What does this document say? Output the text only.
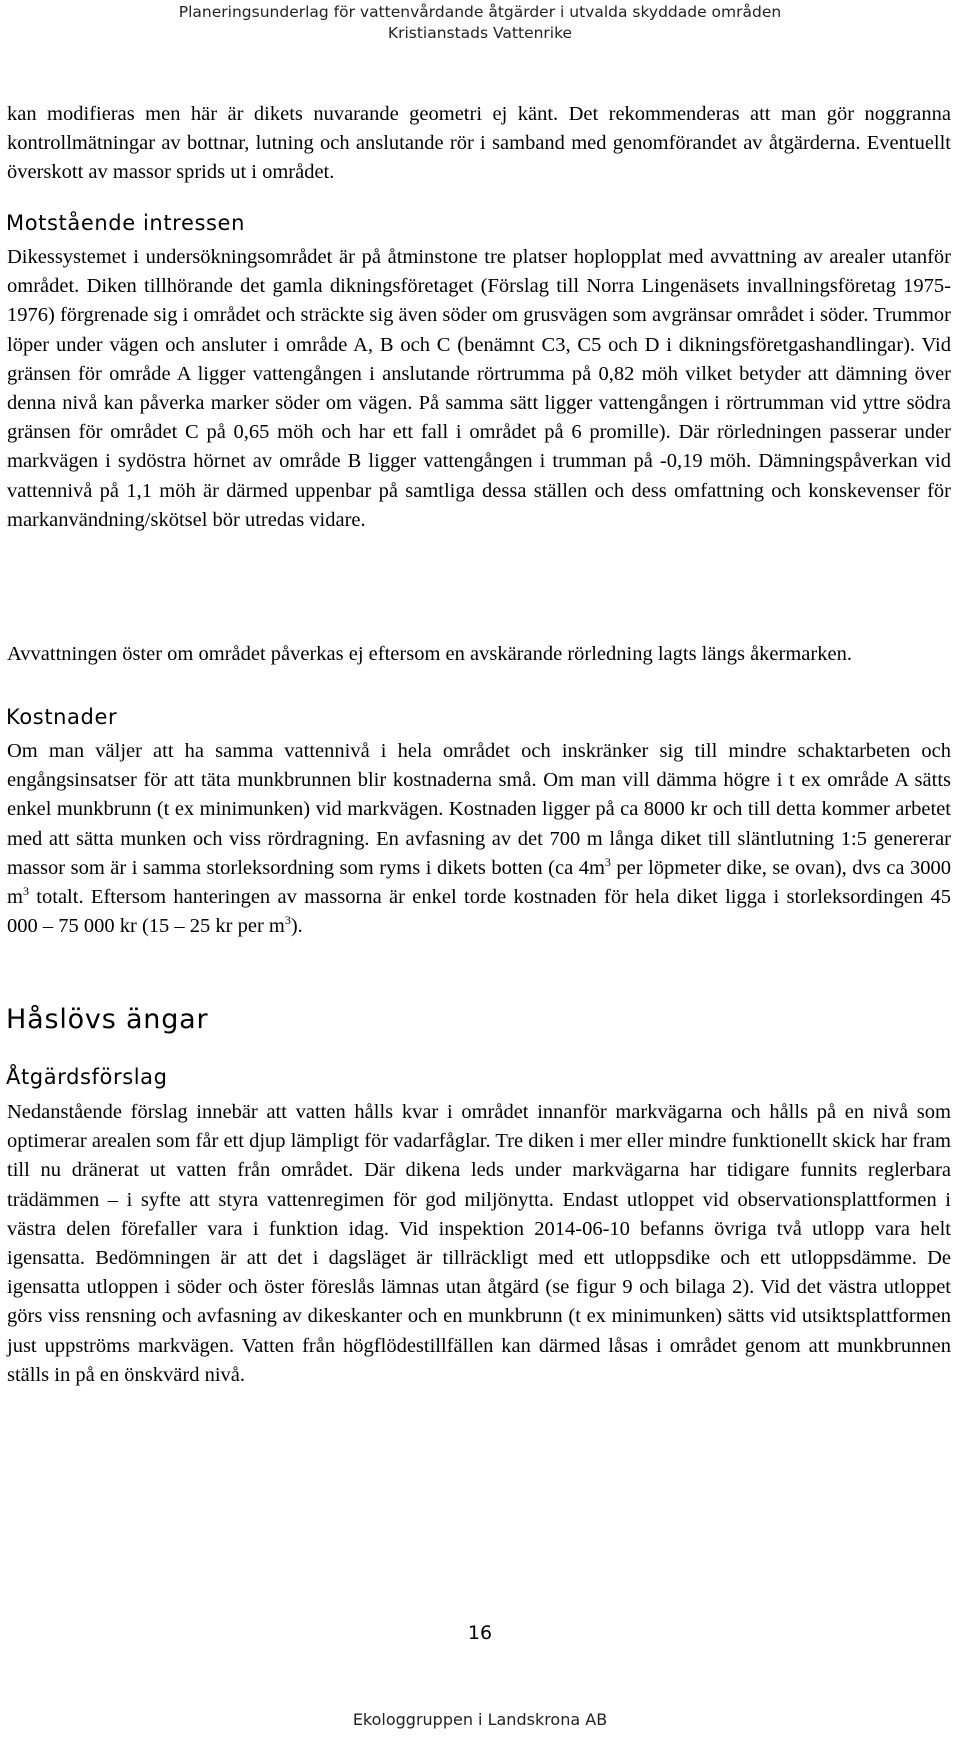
Planeringsunderlag för vattenvårdande åtgärder i utvalda skyddade områden
Kristianstads Vattenrike

kan modifieras men här är dikets nuvarande geometri ej känt. Det rekommenderas att man gör noggranna kontrollmätningar av bottnar, lutning och anslutande rör i samband med genomförandet av åtgärderna. Eventuellt överskott av massor sprids ut i området.

Motstående intressen

Dikessystemet i undersökningsområdet är på åtminstone tre platser hoplopplat med avvattning av arealer utanför området. Diken tillhörande det gamla dikningsföretaget (Förslag till Norra Lingenäsets invallningsföretag 1975-1976) förgrenade sig i området och sträckte sig även söder om grusvägen som avgränsar området i söder. Trummor löper under vägen och ansluter i område A, B och C (benämnt C3, C5 och D i dikningsföretgashandlingar). Vid gränsen för område A ligger vattengången i anslutande rörtrumma på 0,82 möh vilket betyder att dämning över denna nivå kan påverka marker söder om vägen. På samma sätt ligger vattengången i rörtrumman vid yttre södra gränsen för området C på 0,65 möh och har ett fall i området på 6 promille). Där rörledningen passerar under markvägen i sydöstra hörnet av område B ligger vattengången i trumman på -0,19 möh. Dämningspåverkan vid vattennivå på 1,1 möh är därmed uppenbar på samtliga dessa ställen och dess omfattning och konskevenser för markanvändning/skötsel bör utredas vidare.

Avvattningen öster om området påverkas ej eftersom en avskärande rörledning lagts längs åkermarken.

Kostnader

Om man väljer att ha samma vattennivå i hela området och inskränker sig till mindre schaktarbeten och engångsinsatser för att täta munkbrunnen blir kostnaderna små. Om man vill dämma högre i t ex område A sätts enkel munkbrunn (t ex minimunken) vid markvägen. Kostnaden ligger på ca 8000 kr och till detta kommer arbetet med att sätta munken och viss rördragning. En avfasning av det 700 m långa diket till släntlutning 1:5 genererar massor som är i samma storleksordning som ryms i dikets botten (ca $4m^3$ per löpmeter dike, se ovan), dvs ca 3000 $m^3$ totalt. Eftersom hanteringen av massorna är enkel torde kostnaden för hela diket ligga i storleksordingen 45 000 – 75 000 kr (15 – 25 kr per $m^3$).

Håslövs ängar
Åtgärdsförslag

Nedanstående förslag innebär att vatten hålls kvar i området innanför markvägarna och hålls på en nivå som optimerar arealen som får ett djup lämpligt för vadarfåglar. Tre diken i mer eller mindre funktionellt skick har fram till nu dränerat ut vatten från området. Där dikena leds under markvägarna har tidigare funnits reglerbara trädämmen – i syfte att styra vattenregimen för god miljönytta. Endast utloppet vid observationsplattformen i västra delen förefaller vara i funktion idag. Vid inspektion 2014-06-10 befanns övriga två utlopp vara helt igensatta. Bedömningen är att det i dagsläget är tillräckligt med ett utloppsdike och ett utloppsdämme. De igensatta utloppen i söder och öster föreslås lämnas utan åtgärd (se figur 9 och bilaga 2). Vid det västra utloppet görs viss rensning och avfasning av dikeskanter och en munkbrunn (t ex minimunken) sätts vid utsiktsplattformen just uppströms markvägen. Vatten från högflödestillfällen kan därmed låsas i området genom att munkbrunnen ställs in på en önskvärd nivå.

16
Ekologgruppen i Landskrona AB
